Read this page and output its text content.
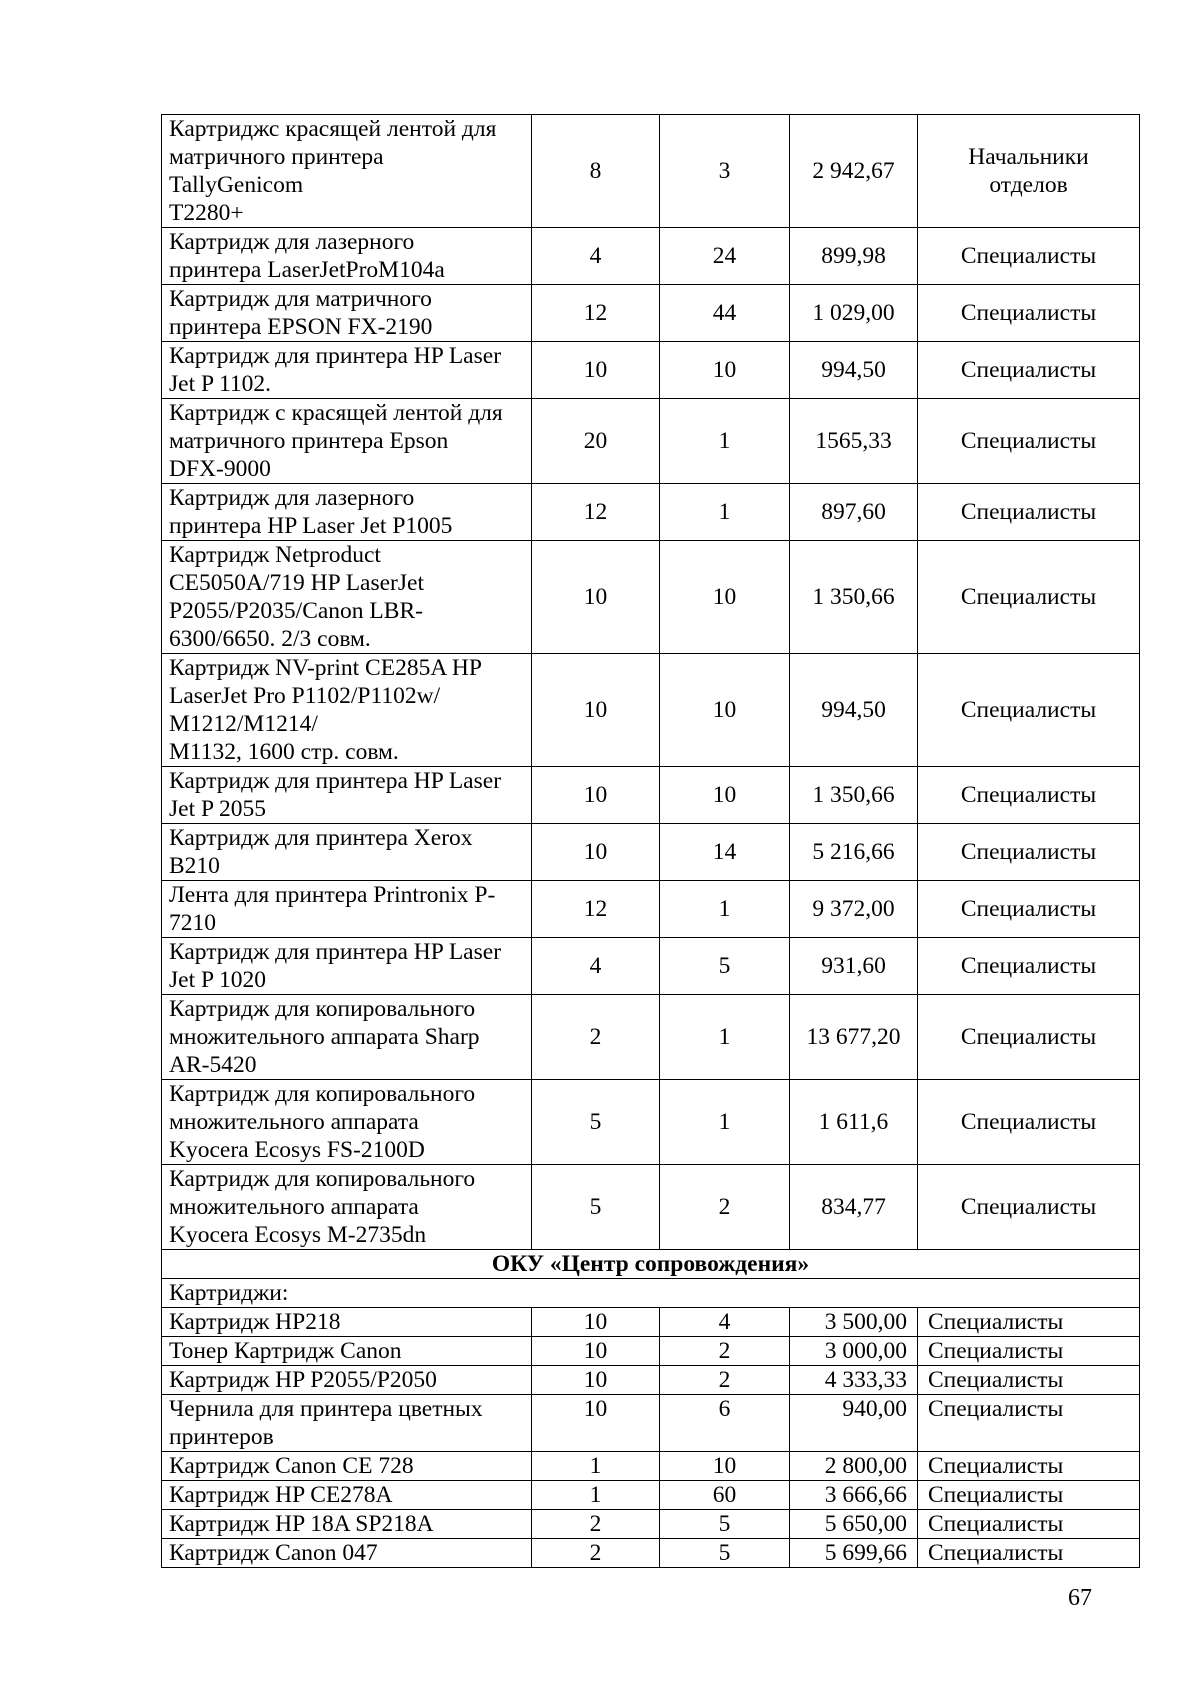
Картриджс красящей лентой для
матричного принтера
TallyGenicom
T2280+	8	3	2 942,67	Начальники
отделов
Картридж для лазерного
принтера LaserJetProM104a	4	24	899,98	Специалисты
Картридж для матричного
принтера EPSON FX-2190	12	44	1 029,00	Специалисты
Картридж для принтера HP Laser
Jet P 1102.	10	10	994,50	Специалисты
Картридж с красящей лентой для
матричного принтера Epson
DFX-9000	20	1	1565,33	Специалисты
Картридж для лазерного
принтера HP Laser Jet P1005	12	1	897,60	Специалисты
Картридж Netproduct
CE5050A/719 HP LaserJet
P2055/P2035/Canon LBR-
6300/6650. 2/3 совм.	10	10	1 350,66	Специалисты
Картридж NV-print CE285A HP
LaserJet Pro P1102/P1102w/
M1212/M1214/
M1132, 1600 стр. совм.	10	10	994,50	Специалисты
Картридж для принтера HP Laser
Jet P 2055	10	10	1 350,66	Специалисты
Картридж для принтера Xerox
B210	10	14	5 216,66	Специалисты
Лента для принтера Printronix P-
7210	12	1	9 372,00	Специалисты
Картридж для принтера HP Laser
Jet P 1020	4	5	931,60	Специалисты
Картридж для копировального
множительного аппарата Sharp
AR-5420	2	1	13 677,20	Специалисты
Картридж для копировального
множительного аппарата
Kyocera Ecosys FS-2100D	5	1	1 611,6	Специалисты
Картридж для копировального
множительного аппарата
Kyocera Ecosys M-2735dn	5	2	834,77	Специалисты
ОКУ «Центр сопровождения»				
Картриджи:				
Картридж HP218	10	4	3 500,00	Специалисты
Тонер Картридж Canon	10	2	3 000,00	Специалисты
Картридж HP P2055/P2050	10	2	4 333,33	Специалисты
Чернила для принтера цветных
принтеров	10	6	940,00	Специалисты
Картридж Canon CE 728	1	10	2 800,00	Специалисты
Картридж HP CE278A	1	60	3 666,66	Специалисты
Картридж HP 18A SP218A	2	5	5 650,00	Специалисты
Картридж Canon 047	2	5	5 699,66	Специалисты
67
